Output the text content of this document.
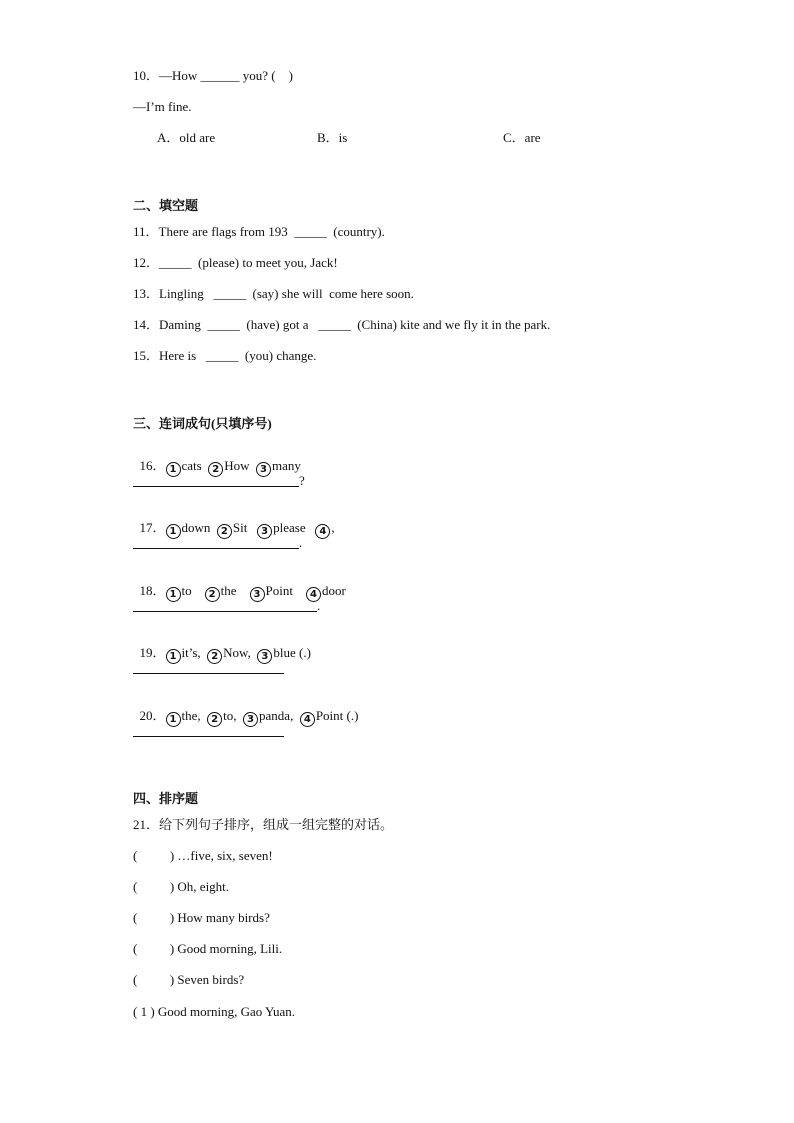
10．—How ______ you? (    )
—I’m fine.
A．old are	B．is	C．are
二、填空题
11．There are flags from 193  _____  (country).
12．_____  (please) to meet you, Jack!
13．Lingling   _____  (say) she will  come here soon.
14．Daming  _____  (have) got a   _____  (China) kite and we fly it in the park.
15．Here is   _____  (you) change.
三、连词成句(只填序号)

16． 1 cats 2 How 3 many

?

17． 1 down 2 Sit 3 please 4 ,

.

18． 1 to 2 the 3 Point 4 door

.

19． 1 it’s, 2 Now, 3 blue (.)

20． 1 the, 2 to, 3 panda, 4 Point (.)

四、排序题
21．给下列句子排序，组成一组完整的对话。
(          ) …five, six, seven!
(          ) Oh, eight.
(          ) How many birds?
(          ) Good morning, Lili.
(          ) Seven birds?
( 1 ) Good morning, Gao Yuan.
